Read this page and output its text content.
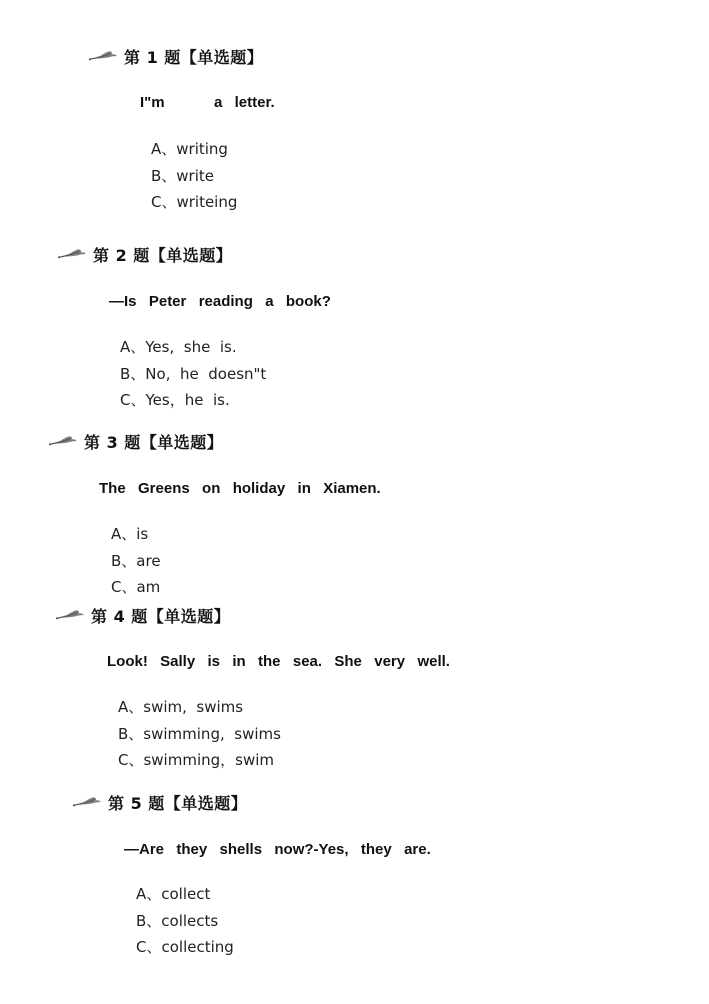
第 1 题【单选题】
I"m        a  letter.
A、writing
B、write
C、writeing
第 2 题【单选题】
—Is  Peter  reading  a  book?
A、Yes,  she  is.
B、No,  he  doesn"t
C、Yes，he  is.
第 3 题【单选题】
The  Greens  on  holiday  in  Xiamen.
A、is
B、are
C、am
第 4 题【单选题】
Look!  Sally  is  in  the  sea.  She  very  well.
A、swim,  swims
B、swimming,  swims
C、swimming，swim
第 5 题【单选题】
—Are  they  shells  now?-Yes,  they  are.
A、collect
B、collects
C、collecting
